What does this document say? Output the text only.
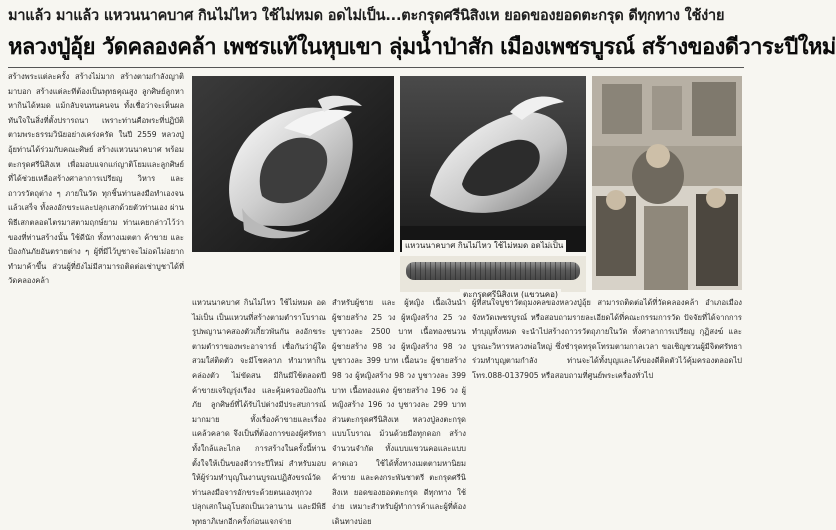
มาแล้ว มาแล้ว แหวนนาคบาศ กินไม่ไหว ใช้ไม่หมด อดไม่เป็น...ตะกรุดศรีนิสิงเห ยอดของยอดตะกรุด ดีทุกทาง ใช้ง่าย
หลวงปู่อุ้ย วัดคลองคล้า เพชรแท้ในหุบเขา ลุ่มน้ำป่าสัก เมืองเพชรบูรณ์ สร้างของดีวาระปีใหม่

สร้างพระแต่ละครั้ง สร้างไม่มาก สร้างตามกำลังญาติมาบอก สร้างแต่ละทีต้องเป็นพุทธคุณสูง ลูกศิษย์ลูกหาหากินได้หมด แม้กลับจนทนคนจน ทั้งเชื่อว่าจะเห็นผลทันใจในสิ่งที่ตั้งปรารถนา เพราะท่านคือพระที่ปฏิบัติตามพระธรรมวินัยอย่างเคร่งครัด ในปี 2559 หลวงปู่อุ้ยท่านได้ร่วมกับคณะศิษย์ สร้างแหวนนาคบาศ พร้อมตะกรุดศรีนิสิงเห เพื่อมอบแจกแก่ญาติโยมและลูกศิษย์ ที่ได้ช่วยเหลือสร้างศาลาการเปรียญ วิหาร และถาวรวัตถุต่าง ๆ ภายในวัด ทุกชิ้นท่านลงมือทำเองจนแล้วเสร็จ ทั้งลงอักขระและปลุกเสกด้วยตัวท่านเอง ผ่านพิธีเสกตลอดไตรมาสตามฤกษ์ยาม ท่านเคยกล่าวไว้ว่า ของที่ท่านสร้างนั้น ใช้ดีนัก ทั้งทางเมตตา ค้าขาย และป้องกันภัยอันตรายต่าง ๆ ผู้ที่มีไว้บูชาจะไม่อดไม่อยาก ทำมาค้าขึ้น ส่วนผู้ที่ยังไม่มีสามารถติดต่อเช่าบูชาได้ที่วัดคลองคล้า

แหวนนาคบาศ กินไม่ไหว ใช้ไม่หมด อดไม่เป็น
ตะกรุดศรีนิสิงเห (แขวนคอ)

แหวนนาคบาศ กินไม่ไหว ใช้ไม่หมด อดไม่เป็น เป็นแหวนที่สร้างตามตำราโบราณ รูปพญานาคสองตัวเกี้ยวพันกัน ลงอักขระตามตำราของพระอาจารย์ เชื่อกันว่าผู้ใดสวมใส่ติดตัว จะมีโชคลาภ ทำมาหากินคล่องตัว ไม่ขัดสน มีกินมีใช้ตลอดปี ค้าขายเจริญรุ่งเรือง และคุ้มครองป้องกันภัย ลูกศิษย์ที่ได้รับไปต่างมีประสบการณ์มากมาย ทั้งเรื่องค้าขายและเรื่องแคล้วคลาด จึงเป็นที่ต้องการของผู้ศรัทธาทั้งใกล้และไกล การสร้างในครั้งนี้ท่านตั้งใจให้เป็นของดีวาระปีใหม่ สำหรับมอบให้ผู้ร่วมทำบุญในงานบูรณปฏิสังขรณ์วัด ท่านลงมือจารอักขระด้วยตนเองทุกวง ปลุกเสกในอุโบสถเป็นเวลานาน และมีพิธีพุทธาภิเษกอีกครั้งก่อนแจกจ่าย

สำหรับผู้ชาย และ ผู้หญิง เนื้อเงินนำ ผู้ชายสร้าง 25 วง ผู้หญิงสร้าง 25 วง บูชาวงละ 2500 บาท เนื้อทองชนวน ผู้ชายสร้าง 98 วง ผู้หญิงสร้าง 98 วง บูชาวงละ 399 บาท เนื้อนวะ ผู้ชายสร้าง 98 วง ผู้หญิงสร้าง 98 วง บูชาวงละ 399 บาท เนื้อทองแดง ผู้ชายสร้าง 196 วง ผู้หญิงสร้าง 196 วง บูชาวงละ 299 บาท ส่วนตะกรุดศรีนิสิงเห หลวงปู่ลงตะกรุดแบบโบราณ ม้วนด้วยมือทุกดอก สร้างจำนวนจำกัด ทั้งแบบแขวนคอและแบบคาดเอว ใช้ได้ทั้งทางเมตตามหานิยม ค้าขาย และคงกระพันชาตรี ตะกรุดศรีนิสิงเห ยอดของยอดตะกรุด ดีทุกทาง ใช้ง่าย เหมาะสำหรับผู้ทำการค้าและผู้ที่ต้องเดินทางบ่อย

ผู้ที่สนใจบูชาวัตถุมงคลของหลวงปู่อุ้ย สามารถติดต่อได้ที่วัดคลองคล้า อำเภอเมือง จังหวัดเพชรบูรณ์ หรือสอบถามรายละเอียดได้ที่คณะกรรมการวัด ปัจจัยที่ได้จากการทำบุญทั้งหมด จะนำไปสร้างถาวรวัตถุภายในวัด ทั้งศาลาการเปรียญ กุฏิสงฆ์ และบูรณะวิหารหลวงพ่อใหญ่ ซึ่งชำรุดทรุดโทรมตามกาลเวลา ขอเชิญชวนผู้มีจิตศรัทธาร่วมทำบุญตามกำลัง ท่านจะได้ทั้งบุญและได้ของดีติดตัวไว้คุ้มครองตลอดไป โทร.088-0137905 หรือสอบถามที่ศูนย์พระเครื่องทั่วไป
